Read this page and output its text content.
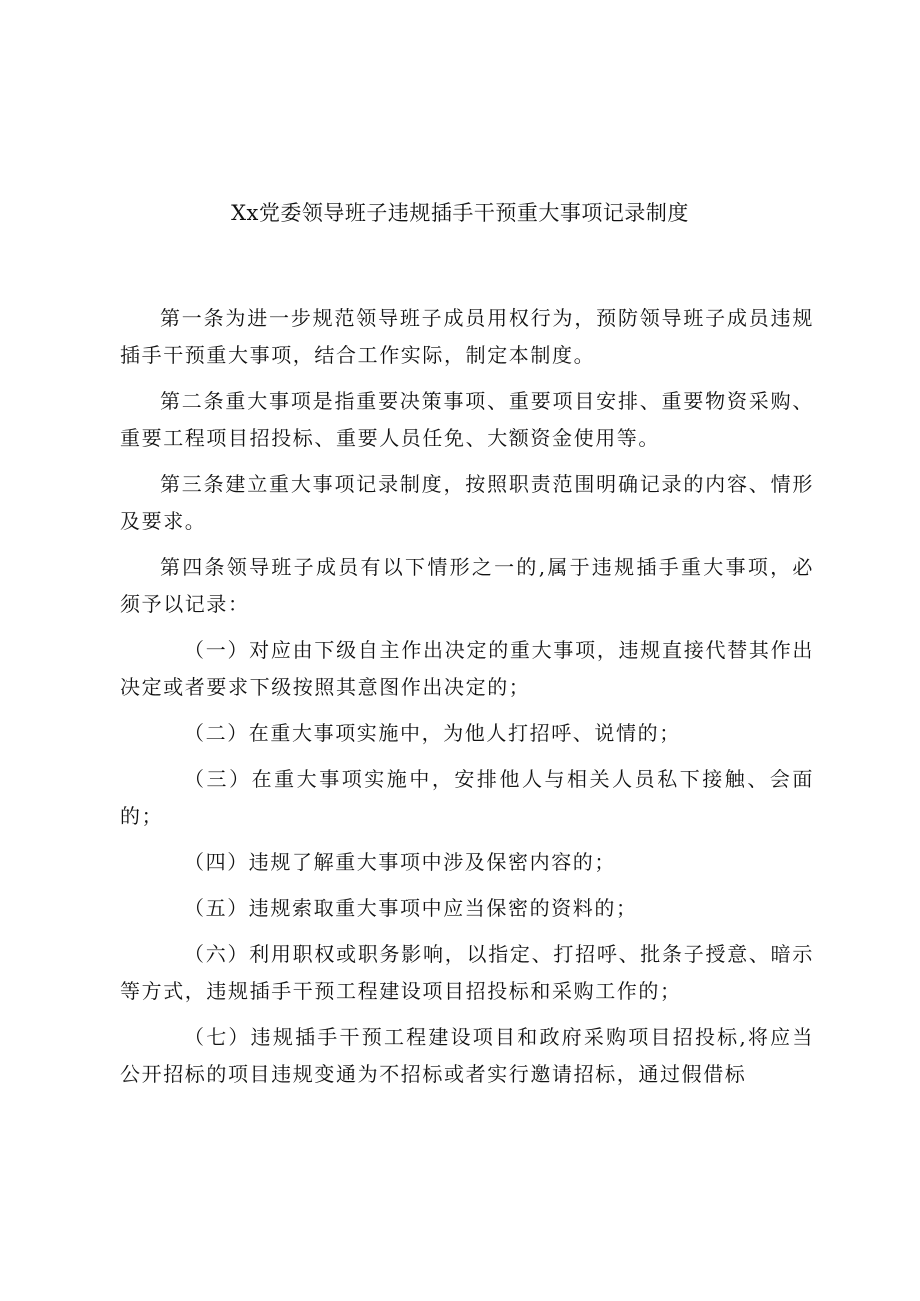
Xx党委领导班子违规插手干预重大事项记录制度

第一条为进一步规范领导班子成员用权行为，预防领导班子成员违规插手干预重大事项，结合工作实际，制定本制度。

第二条重大事项是指重要决策事项、重要项目安排、重要物资采购、重要工程项目招投标、重要人员任免、大额资金使用等。

第三条建立重大事项记录制度，按照职责范围明确记录的内容、情形及要求。

第四条领导班子成员有以下情形之一的,属于违规插手重大事项，必须予以记录：

（一）对应由下级自主作出决定的重大事项，违规直接代替其作出决定或者要求下级按照其意图作出决定的；

（二）在重大事项实施中，为他人打招呼、说情的；

（三）在重大事项实施中，安排他人与相关人员私下接触、会面的；

（四）违规了解重大事项中涉及保密内容的；

（五）违规索取重大事项中应当保密的资料的；

（六）利用职权或职务影响，以指定、打招呼、批条子授意、暗示等方式，违规插手干预工程建设项目招投标和采购工作的；

（七）违规插手干预工程建设项目和政府采购项目招投标,将应当公开招标的项目违规变通为不招标或者实行邀请招标，通过假借标
